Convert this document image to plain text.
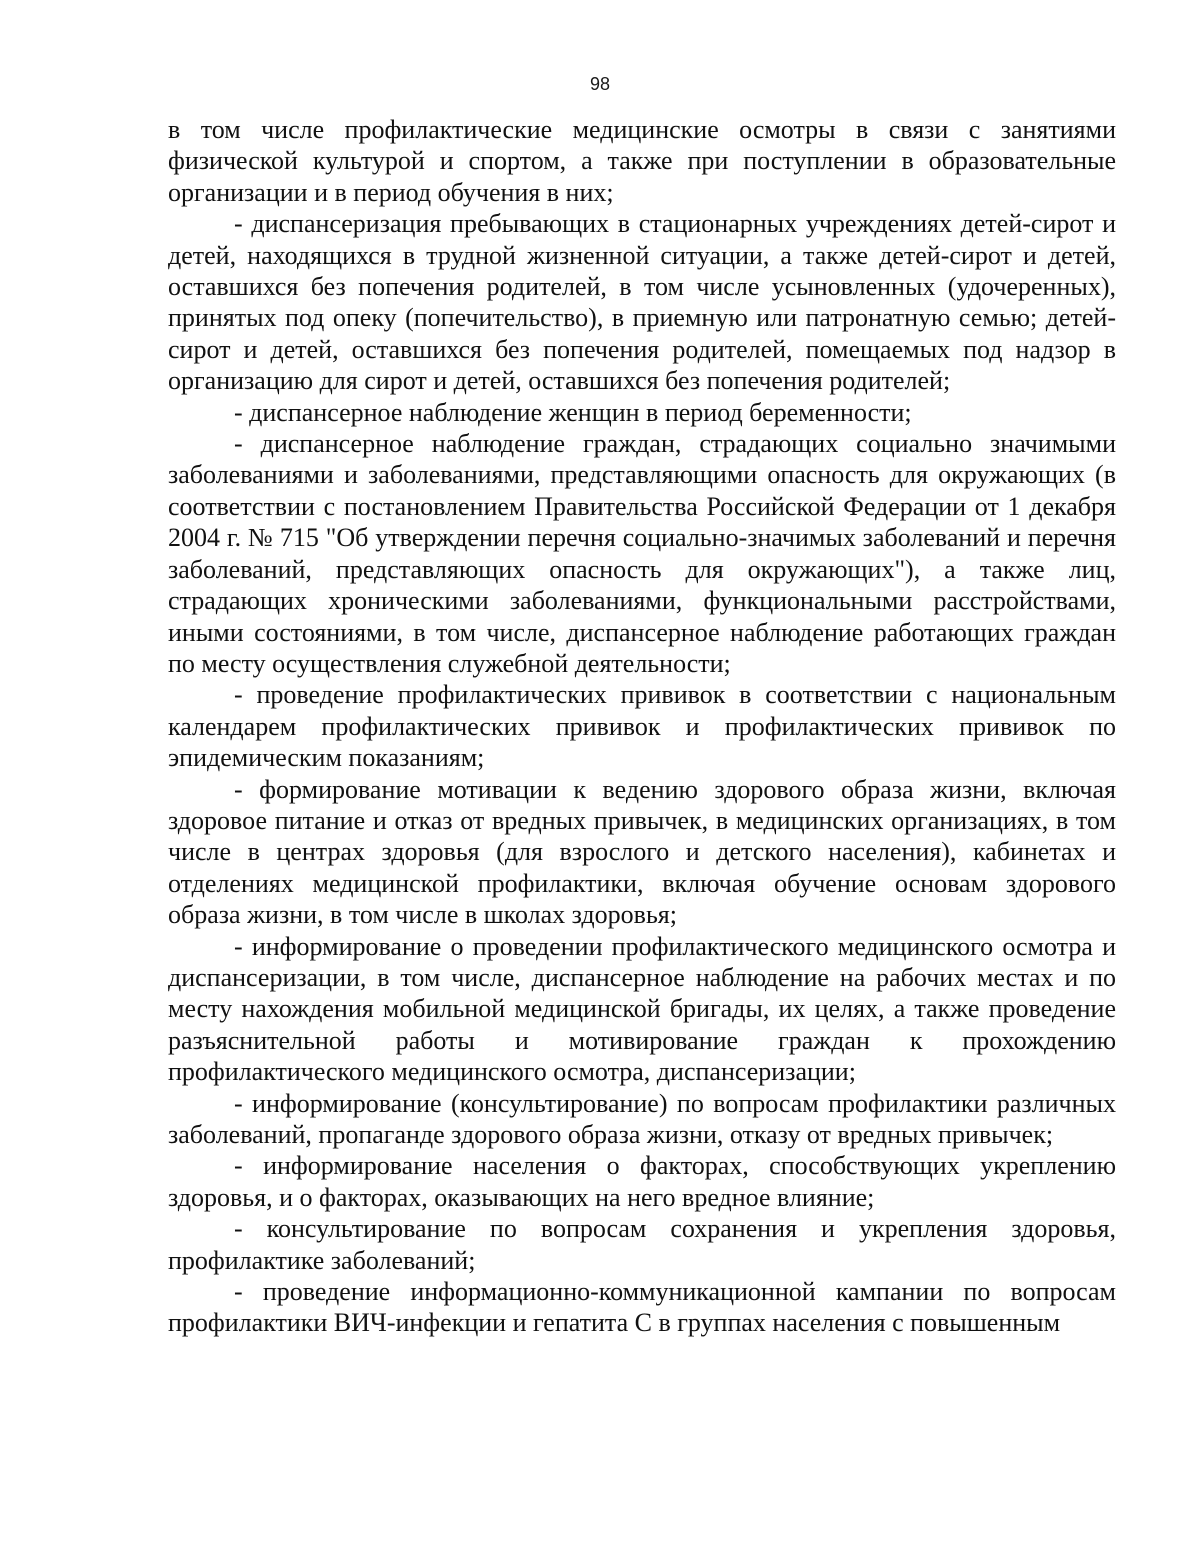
98

в том числе профилактические медицинские осмотры в связи с занятиями физической культурой и спортом, а также при поступлении в образовательные организации и в период обучения в них;

- диспансеризация пребывающих в стационарных учреждениях детей-сирот и детей, находящихся в трудной жизненной ситуации, а также детей-сирот и детей, оставшихся без попечения родителей, в том числе усыновленных (удочеренных), принятых под опеку (попечительство), в приемную или патронатную семью; детей- сирот и детей, оставшихся без попечения родителей, помещаемых под надзор в организацию для сирот и детей, оставшихся без попечения родителей;

- диспансерное наблюдение женщин в период беременности;

- диспансерное наблюдение граждан, страдающих социально значимыми заболеваниями и заболеваниями, представляющими опасность для окружающих (в соответствии с постановлением Правительства Российской Федерации от 1 декабря 2004 г. № 715 "Об утверждении перечня социально-значимых заболеваний и перечня заболеваний, представляющих опасность для окружающих"), а также лиц, страдающих хроническими заболеваниями, функциональными расстройствами, иными состояниями, в том числе, диспансерное наблюдение работающих граждан по месту осуществления служебной деятельности;

- проведение профилактических прививок в соответствии с национальным календарем профилактических прививок и профилактических прививок по эпидемическим показаниям;

- формирование мотивации к ведению здорового образа жизни, включая здоровое питание и отказ от вредных привычек, в медицинских организациях, в том числе в центрах здоровья (для взрослого и детского населения), кабинетах и отделениях медицинской профилактики, включая обучение основам здорового образа жизни, в том числе в школах здоровья;

- информирование о проведении профилактического медицинского осмотра и диспансеризации, в том числе, диспансерное наблюдение на рабочих местах и по месту нахождения мобильной медицинской бригады, их целях, а также проведение разъяснительной работы и мотивирование граждан к прохождению профилактического медицинского осмотра, диспансеризации;

- информирование (консультирование) по вопросам профилактики различных заболеваний, пропаганде здорового образа жизни, отказу от вредных привычек;

- информирование населения о факторах, способствующих укреплению здоровья, и о факторах, оказывающих на него вредное влияние;

- консультирование по вопросам сохранения и укрепления здоровья, профилактике заболеваний;

- проведение информационно-коммуникационной кампании по вопросам профилактики ВИЧ-инфекции и гепатита С в группах населения с повышенным
